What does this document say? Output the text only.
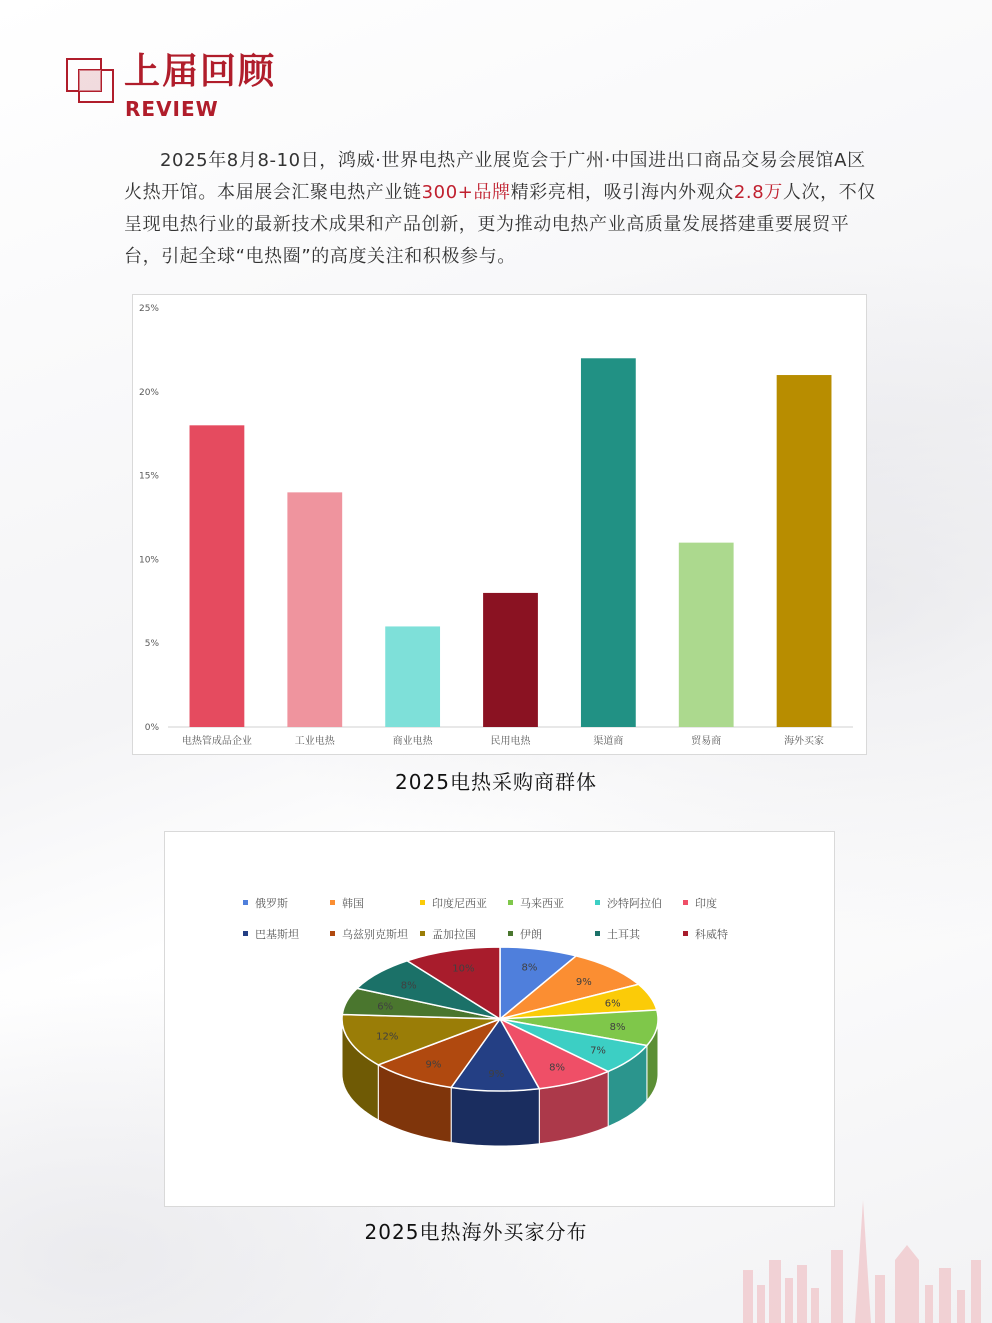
上届回顾
REVIEW

2025年8月8-10日，鸿威·世界电热产业展览会于广州·中国进出口商品交易会展馆A区火热开馆。本届展会汇聚电热产业链300+品牌精彩亮相，吸引海内外观众2.8万人次，不仅呈现电热行业的最新技术成果和产品创新，更为推动电热产业高质量发展搭建重要展贸平台，引起全球“电热圈”的高度关注和积极参与。

0%
5%
10%
15%
20%
25%
电热管成品企业	工业电热	商业电热	民用电热	渠道商	贸易商	海外买家
2025电热采购商群体
俄罗斯	韩国	印度尼西亚	马来西亚	沙特阿拉伯	印度
巴基斯坦	乌兹别克斯坦 孟加拉国	伊朗	土耳其	科威特
8%
9%
6%
8%
7%
8%
9%
9%
12%
6%
8%
10%
2025电热海外买家分布
